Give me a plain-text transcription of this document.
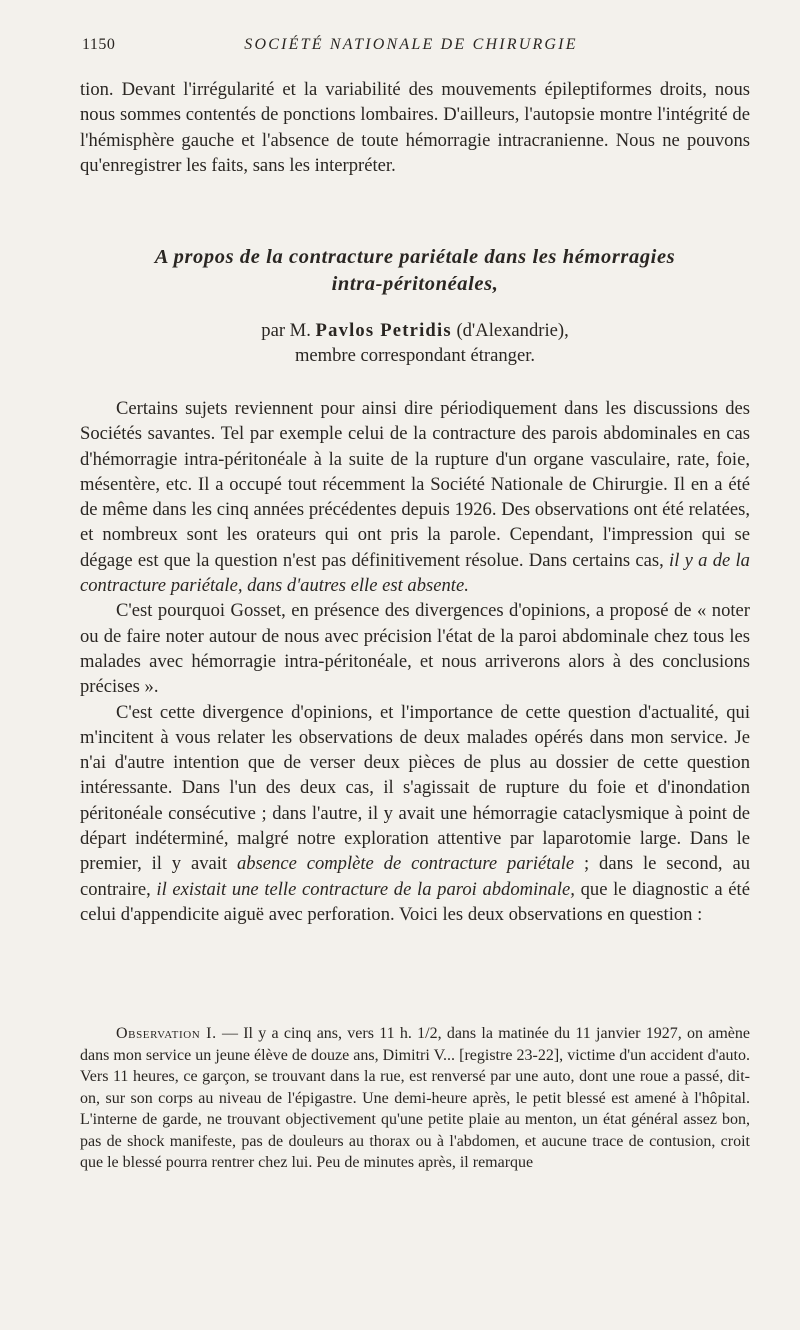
1150	SOCIÉTÉ NATIONALE DE CHIRURGIE

tion. Devant l'irrégularité et la variabilité des mouvements épileptiformes droits, nous nous sommes contentés de ponctions lombaires. D'ailleurs, l'autopsie montre l'intégrité de l'hémisphère gauche et l'absence de toute hémorragie intracranienne. Nous ne pouvons qu'enregistrer les faits, sans les interpréter.

A propos de la contracture pariétale dans les hémorragies
intra-péritonéales,
par M. Pavlos Petridis (d'Alexandrie),
membre correspondant étranger.

Certains sujets reviennent pour ainsi dire périodiquement dans les discussions des Sociétés savantes. Tel par exemple celui de la contracture des parois abdominales en cas d'hémorragie intra-péritonéale à la suite de la rupture d'un organe vasculaire, rate, foie, mésentère, etc. Il a occupé tout récemment la Société Nationale de Chirurgie. Il en a été de même dans les cinq années précédentes depuis 1926. Des observations ont été relatées, et nombreux sont les orateurs qui ont pris la parole. Cependant, l'impression qui se dégage est que la question n'est pas définitivement résolue. Dans certains cas, il y a de la contracture pariétale, dans d'autres elle est absente.

C'est pourquoi Gosset, en présence des divergences d'opinions, a proposé de « noter ou de faire noter autour de nous avec précision l'état de la paroi abdominale chez tous les malades avec hémorragie intra-péritonéale, et nous arriverons alors à des conclusions précises ».

C'est cette divergence d'opinions, et l'importance de cette question d'actualité, qui m'incitent à vous relater les observations de deux malades opérés dans mon service. Je n'ai d'autre intention que de verser deux pièces de plus au dossier de cette question intéressante. Dans l'un des deux cas, il s'agissait de rupture du foie et d'inondation péritonéale consécutive ; dans l'autre, il y avait une hémorragie cataclysmique à point de départ indéterminé, malgré notre exploration attentive par laparotomie large. Dans le premier, il y avait absence complète de contracture pariétale ; dans le second, au contraire, il existait une telle contracture de la paroi abdominale, que le diagnostic a été celui d'appendicite aiguë avec perforation. Voici les deux observations en question :

Observation I. — Il y a cinq ans, vers 11 h. 1/2, dans la matinée du 11 janvier 1927, on amène dans mon service un jeune élève de douze ans, Dimitri V... [registre 23-22], victime d'un accident d'auto. Vers 11 heures, ce garçon, se trouvant dans la rue, est renversé par une auto, dont une roue a passé, dit-on, sur son corps au niveau de l'épigastre. Une demi-heure après, le petit blessé est amené à l'hôpital. L'interne de garde, ne trouvant objectivement qu'une petite plaie au menton, un état général assez bon, pas de shock manifeste, pas de douleurs au thorax ou à l'abdomen, et aucune trace de contusion, croit que le blessé pourra rentrer chez lui. Peu de minutes après, il remarque
